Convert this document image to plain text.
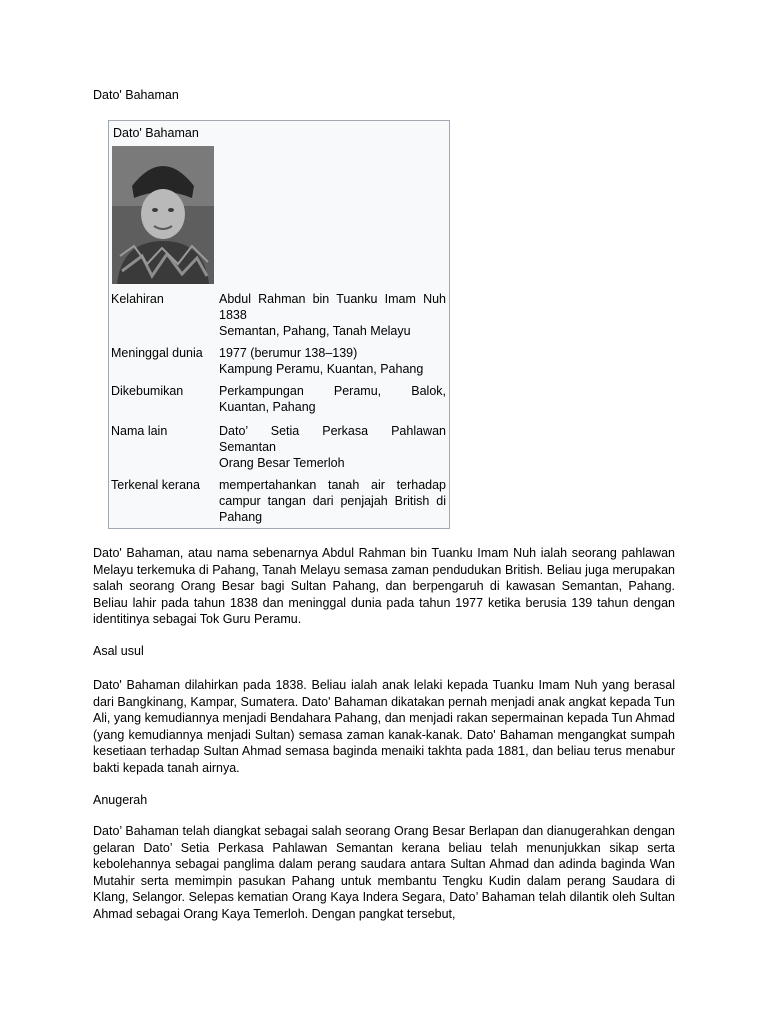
Dato' Bahaman
Dato' Bahaman
Kelahiran	Abdul Rahman bin Tuanku Imam Nuh 1838
Semantan, Pahang, Tanah Melayu
Meninggal dunia	1977 (berumur 138–139)
Kampung Peramu, Kuantan, Pahang
Dikebumikan	Perkampungan Peramu, Balok, Kuantan, Pahang
Nama lain	Dato’ Setia Perkasa Pahlawan Semantan
Orang Besar Temerloh
Terkenal kerana	mempertahankan tanah air terhadap campur tangan dari penjajah British di Pahang

Dato' Bahaman, atau nama sebenarnya Abdul Rahman bin Tuanku Imam Nuh ialah seorang pahlawan Melayu terkemuka di Pahang, Tanah Melayu semasa zaman pendudukan British. Beliau juga merupakan salah seorang Orang Besar bagi Sultan Pahang, dan berpengaruh di kawasan Semantan, Pahang. Beliau lahir pada tahun 1838 dan meninggal dunia pada tahun 1977 ketika berusia 139 tahun dengan identitinya sebagai Tok Guru Peramu.

Asal usul

Dato' Bahaman dilahirkan pada 1838. Beliau ialah anak lelaki kepada Tuanku Imam Nuh yang berasal dari Bangkinang, Kampar, Sumatera. Dato' Bahaman dikatakan pernah menjadi anak angkat kepada Tun Ali, yang kemudiannya menjadi Bendahara Pahang, dan menjadi rakan sepermainan kepada Tun Ahmad (yang kemudiannya menjadi Sultan) semasa zaman kanak-kanak. Dato' Bahaman mengangkat sumpah kesetiaan terhadap Sultan Ahmad semasa baginda menaiki takhta pada 1881, dan beliau terus menabur bakti kepada tanah airnya.

Anugerah

Dato’ Bahaman telah diangkat sebagai salah seorang Orang Besar Berlapan dan dianugerahkan dengan gelaran Dato’ Setia Perkasa Pahlawan Semantan kerana beliau telah menunjukkan sikap serta kebolehannya sebagai panglima dalam perang saudara antara Sultan Ahmad dan adinda baginda Wan Mutahir serta memimpin pasukan Pahang untuk membantu Tengku Kudin dalam perang Saudara di Klang, Selangor. Selepas kematian Orang Kaya Indera Segara, Dato’ Bahaman telah dilantik oleh Sultan Ahmad sebagai Orang Kaya Temerloh. Dengan pangkat tersebut,
